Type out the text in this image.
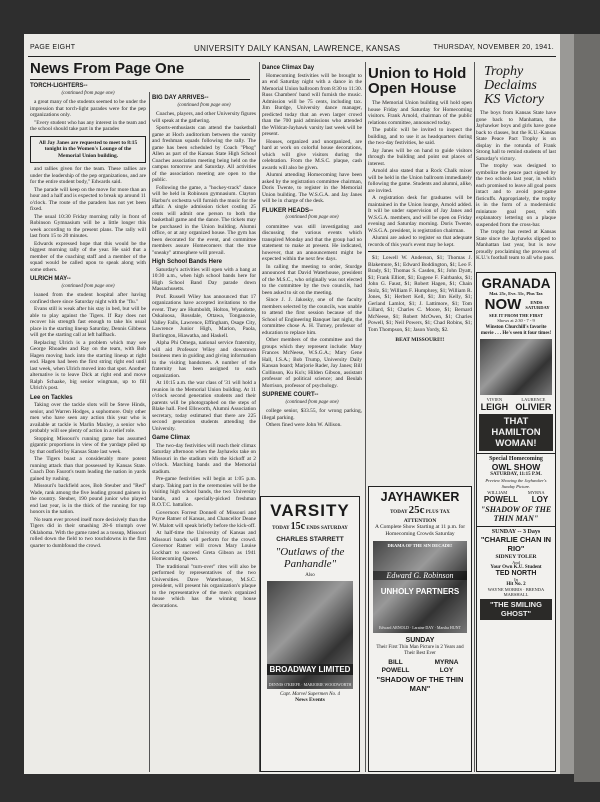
PAGE EIGHT	UNIVERSITY DAILY KANSAN, LAWRENCE, KANSAS	THURSDAY, NOVEMBER 20, 1941.
News From Page One
TORCH-LIGHTERS--
(continued from page one)

a great many of the students seemed to be under the impression that torch-light parades were for the pep organizations only.

"Every student who has any interest in the team and the school should take part in the parades

All Jay Janes are requested to meet to 8:15 tonight in the Women's Lounge of the Memorial Union building.

and rallies given for the team. These rallies are under the leadership of the pep organizations, and are for the entire student body," Edwards said.

The parade will keep on the move for more than an hour and a half and is expected to break up around 11 o'clock. The route of the paraders has not yet been fixed.

The usual 10:30 Friday morning rally in front of Robinson Gymnasium will be a little longer this week according to the present plans. The rally will last from 15 to 20 minutes.

Edwards expressed hope that this would be the biggest morning rally of the year. He said that a member of the coaching staff and a member of the squad would be called upon to speak along with some others.

ULRICH MAY--
(continued from page one)

loaned from the student hospital after having confined there since Saturday night with the "flu."

Evans still is weak after his stay in bed, but will be able to play against the Tigers. If Ray does not recover his strength fast enough to take his usual place in the starting lineup Saturday, Dennis Gibbens will get the starting call at left halfback.

Replacing Ulrich is a problem which may see George Rhoades and Ray on the team, with Bob Hagen moving back into the starting lineup at right end. Hagen had been the first string right end until last week, when Ulrich moved into that spot. Another alternative is to leave Dick at right end and move Ralph Schaake, big senior wingman, up to fill Ulrich's post.

Lee on Tackles

Taking over the tackle slots will be Steve Hinds, senior, and Warren Hodges, a sophomore. Only other men who have seen any action this year who is available at tackle is Marlin Maxley, a senior who probably will see plenty of action in a relief role.

Stopping Missouri's running game has assumed gigantic proportions in view of the yardage piled up by that outfield by Kansas State last week.

The Tigers boast a considerably more potent running attack than that possessed by Kansas State. Coach Don Faurot's team leading the nation in yards gained by rushing.

Missouri's backfield aces, Bob Steuber and "Red" Wade, rank among the five leading ground gainers in the country. Steuber, 190 pound junior who played end last year, is in the thick of the running for top honors in the nation.

No team ever proved itself more decisively than the Tigers did in their smashing 28-6 triumph over Oklahoma. With the game rated as a tossup, Missouri rolled down the field to two touchdowns in the first quarter to dumbfound the crowd.

BIG DAY ARRIVES--
(continued from page one)

Coaches, players, and other University figures will speak at the gathering.

Sports-enthusiasts can attend the basketball game at Hoch auditorium between the varsity and freshman squads following the rally. The game has been scheduled by Coach "Phog" Allen as part of the Kansas State High School Coaches association meeting being held on the campus tomorrow and Saturday. All activities of the association meeting are open to the public.

Following the game, a "hockey-track" dance will be held in Robinson gymnasium. Clayton Harbur's orchestra will furnish the music for the affair. A single admission ticket costing 25 cents will admit one person to both the basketball game and the dance. The tickets may be purchased in the Union building. Alumni office, or at any organized house. The gym has been decorated for the event, and committee members assure Homecomers that the true "sneaky" atmosphere will prevail.

High School Bands Here

Saturday's activities will open with a bang at 10:30 a.m., when high school bands here for High School Band Day parade down Massachusetts.

Prof. Russell Wiley has announced that 17 organizations have accepted invitations to the event. They are Humboldt, Holton, Wyandotte, Oskaloosa, Rossdale, Ottawa, Tonganoxie, Valley Falls, Lawrence, Effingham, Osage City, Lawrence Junior High, Marion, Paola, Burlington, Hiawatha, and Haskell.

Alpha Phi Omega, national service fraternity, will aid Professor Wiley and downtown business men in guiding and giving information to the visiting bandsmen. A number of the fraternity has been assigned to each organization.

At 10:15 a.m. the war class of '31 will hold a reunion in the Memorial Union building. At 11 o'clock second generation students and their parents will be photographed on the steps of Blake hall. Fred Ellsworth, Alumni Association secretary, today estimated that there are 225 second generation students attending the University.

Game Climax

The two-day festivities will reach their climax Saturday afternoon when the Jayhawks take on Missouri in the stadium with the kickoff at 2 o'clock. Marching bands and the Memorial stadium.

Pre-game festivities will begin at 1:05 p.m. sharp. Taking part in the ceremonies will be the visiting high school bands, the two University bands, and a specially-picked freshman R.O.T.C. battalion.

Governors Forrest Donnell of Missouri and Payne Ratner of Kansas, and Chancellor Deane W. Malott will speak briefly before the kick-off.

At half-time the University of Kansas and Missouri bands will perform for the crowd. Governor Ratner will crown Mary Louise Lockhart to succeed Greta Gibson as 1941 Homecoming Queen.

The traditional "turn-over" rites will also be performed by representatives of the two Universities. Dave Waterhouse, M.S.C. president, will present his organization's plaque to the representative of the men's organized house which has the winning house decorations.

Dance Climax Day

Homecoming festivities will be brought to an end Saturday night with a dance in the Memorial Union ballroom from 8:30 to 11:30. Russ Chambers' band will furnish the music. Admission will be 75 cents, including tax. Jim Burdge, University dance manager, predicted today that an even larger crowd than the 700 paid admissions who attended the Wildcat-Jayhawk varsity last week will be present.

Houses, organized and unorganized, are hard at work on colorful house decorations, which will give visitors during the celebration. From the M.S.C. plaque, cash awards will also be given.

Alumni attending Homecoming have been asked by the registration committee chairman, Doris Twente, to register in the Memorial Union building. The W.S.G.A. and Jay Janes will be in charge of the desk.

FLUKER HEADS--
(continued from page one)

committee was still investigating and discussing the various events which transpired Monday and that the group had no statement to make at present. He indicated, however, that an announcement might be expected within the next few days.

In calling the meeting to order, Sturdge announced that David Waterhouse, president of the M.S.C., who originally was not elected to the committee by the two councils, had been asked to sit on the meeting.

Since J. J. Jakosky, one of the faculty members selected by the councils, was unable to attend the first session because of the School of Engineering Banquet last night, the committee chose A. H. Turney, professor of education to replace him.

Other members of the committee and the groups which they represent include: Mary Frances McNeese, W.S.G.A.; Mary Gene Hall, I.S.A.; Bob Trump, University Daily Kansan board; Marjorie Rader, Jay Janes; Bill Collinson, Ku Ku's; Hilden Gibson, assistant professor of political science; and Beulah Morrison, professor of psychology.

SUPREME COURT--
(continued from page one)

college senior, $33.55, for wrong parking, illegal parking.

Others fined were John W. Allison.

VARSITY
TODAY 15c ENDS SATURDAY
CHARLES STARRETT
"Outlaws of the Panhandle"
Also
BROADWAY LIMITED
DENNIS O'KEEFE · MARJORIE WOODWORTH
Capt. Marvel Supermen No. 4
News Events
Union to Hold Open House

The Memorial Union building will hold open house Friday and Saturday for Homecoming visitors. Frank Arnold, chairman of the public relations committee, announced today.

The public will be invited to inspect the building, and to use it as headquarters during the two-day festivities, he said.

Jay Janes will be on hand to guide visitors through the building and point out places of interest.

Arnold also stated that a Rock Chalk mixer will be held in the Union ballroom immediately following the game. Students and alumni, alike, are invited.

A registration desk for graduates will be maintained in the Union lounge, Arnold added. It will be under supervision of Jay Janes and W.S.G.A. members, and will be open on Friday evening and Saturday morning. Doris Twente, W.S.G.A. president, is registration chairman.

Alumni are asked to register so that adequate records of this year's event may be kept.

$1; Lowell W. Anderson, $1; Thomas J. Blakemore, $1; Edward Boddington, $1; Leo F. Brady, $1; Thomas S. Casden, $1; John Dyatt, $1; Frank Elliott, $1; Eugene F. Fairbanks, $1; John G. Faust, $1; Robert Hagen, $1; Chain Stolz, $1; William F. Humphrey, $1; William R. Jones, $1; Herbert Kell, $1; Jim Kelly, $1; Gerland Lamlot, $1; J. Lattimore, $1; Tom Lillard, $1; Charles C. Moore, $1; Bernard McNeese, $1; Robert McOwen, $1; Charles Powell, $1; Neil Powers, $1; Chad Robins, $1; Tom Thompson, $1; Jason Yordy, $2.

BEAT MISSOURI!!!
JAYHAWKER
TODAY 25c PLUS TAX
ATTENTION
A Complete Show Starting at 11 p.m. for Homecoming Crowds Saturday
DRAMA OF THE SIN DECADE!
Edward G. Robinson
UNHOLY PARTNERS
Edward ARNOLD · Laraine DAY · Marsha HUNT
SUNDAY
Their First Thin Man Picture in 2 Years and Their Best Ever
BILL
POWELL
MYRNA
LOY
"SHADOW OF THE THIN MAN"
Trophy
Declaims
KS Victory

The boys from Kansas State have gone back to Manhattan, the Jayhawker boys and girls have gone back to classes, but the K.U.-Kansas State Peace Pact Trophy is on display in the rotunda of Frank Strong hall to remind students of last Saturday's victory.

The trophy was designed to symbolize the peace pact signed by the two schools last year, in which each promised to leave all goal posts intact and to avoid post-game fisticuffs. Appropriately, the trophy is in the form of a modernistic miniature goal post, with explanatory lettering on a plaque suspended from the cross-bar.

The trophy has rested at Kansas State since the Jayhawks slipped to Manhattan last year, but is now proudly proclaiming the prowess of K.U.'s football team to all who pass.

GRANADA
Mat. 25c, Eve. 31c, Plus Tax
NOW	ENDS SATURDAY
SEE IT FROM THE FIRST
Shows at 2:30 - 7 - 9
Winston Churchill's favorite movie . . . He's seen it four times!
VIVIEN	LAURENCE
LEIGH OLIVIER
THAT
HAMILTON
WOMAN!
Special Homecoming
OWL SHOW
SATURDAY, 11:15 P.M.
Preview Showing the Jayhawker's Sunday Picture.
WILLIAM	MYRNA
POWELL LOY
"SHADOW OF THE THIN MAN"
SUNDAY -- 3 Days
"CHARLIE CHAN IN RIO"
SIDNEY TOLER
And
Your Own K.U. Student
TED NORTH
In
Hit No. 2
WAYNE MORRIS · BRENDA MARSHALL
"THE SMILING GHOST"
